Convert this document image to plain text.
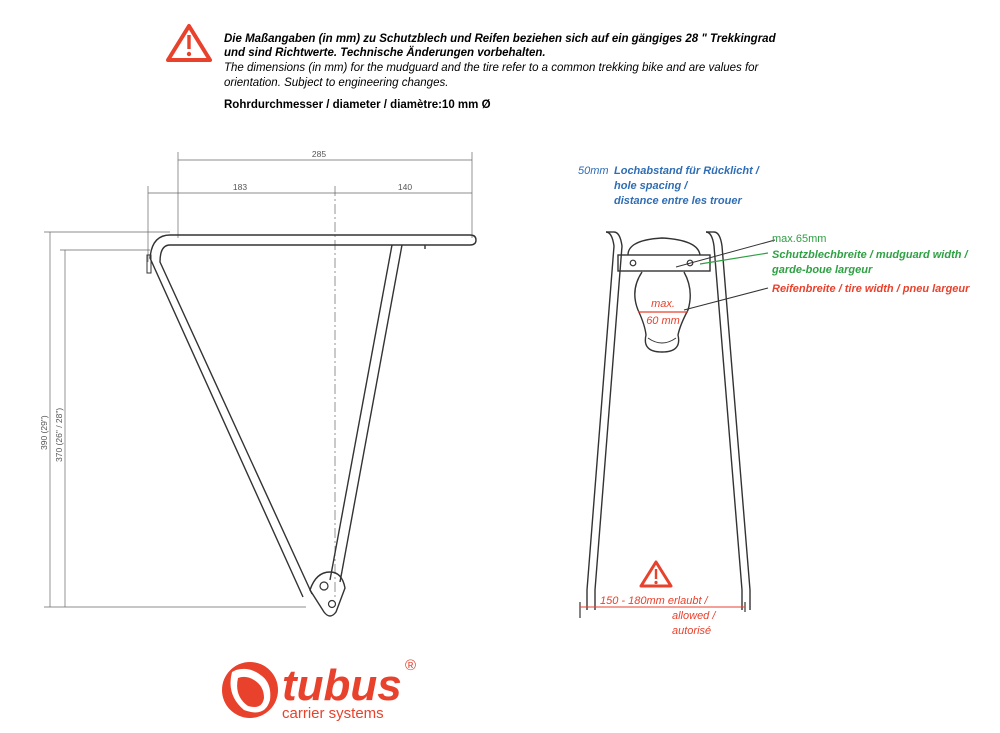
Die Maßangaben (in mm) zu Schutzblech und Reifen beziehen sich auf ein gängiges 28 " Trekkingrad
und sind Richtwerte. Technische Änderungen vorbehalten.
The dimensions (in mm) for the mudguard and the tire refer to a common trekking bike and are values for
orientation. Subject to engineering changes.
Rohrdurchmesser / diameter / diamètre:10 mm Ø
285
183	140
390 (29") 370 (26" / 28")
50mm Lochabstand für Rücklicht /
hole spacing /
distance entre les trouer
max.65mm
Schutzblechbreite / mudguard width /
garde-boue largeur
Reifenbreite / tire width / pneu largeur
max.
60 mm
150 - 180mm erlaubt /
allowed /
autorisé
tubus ®
carrier systems
